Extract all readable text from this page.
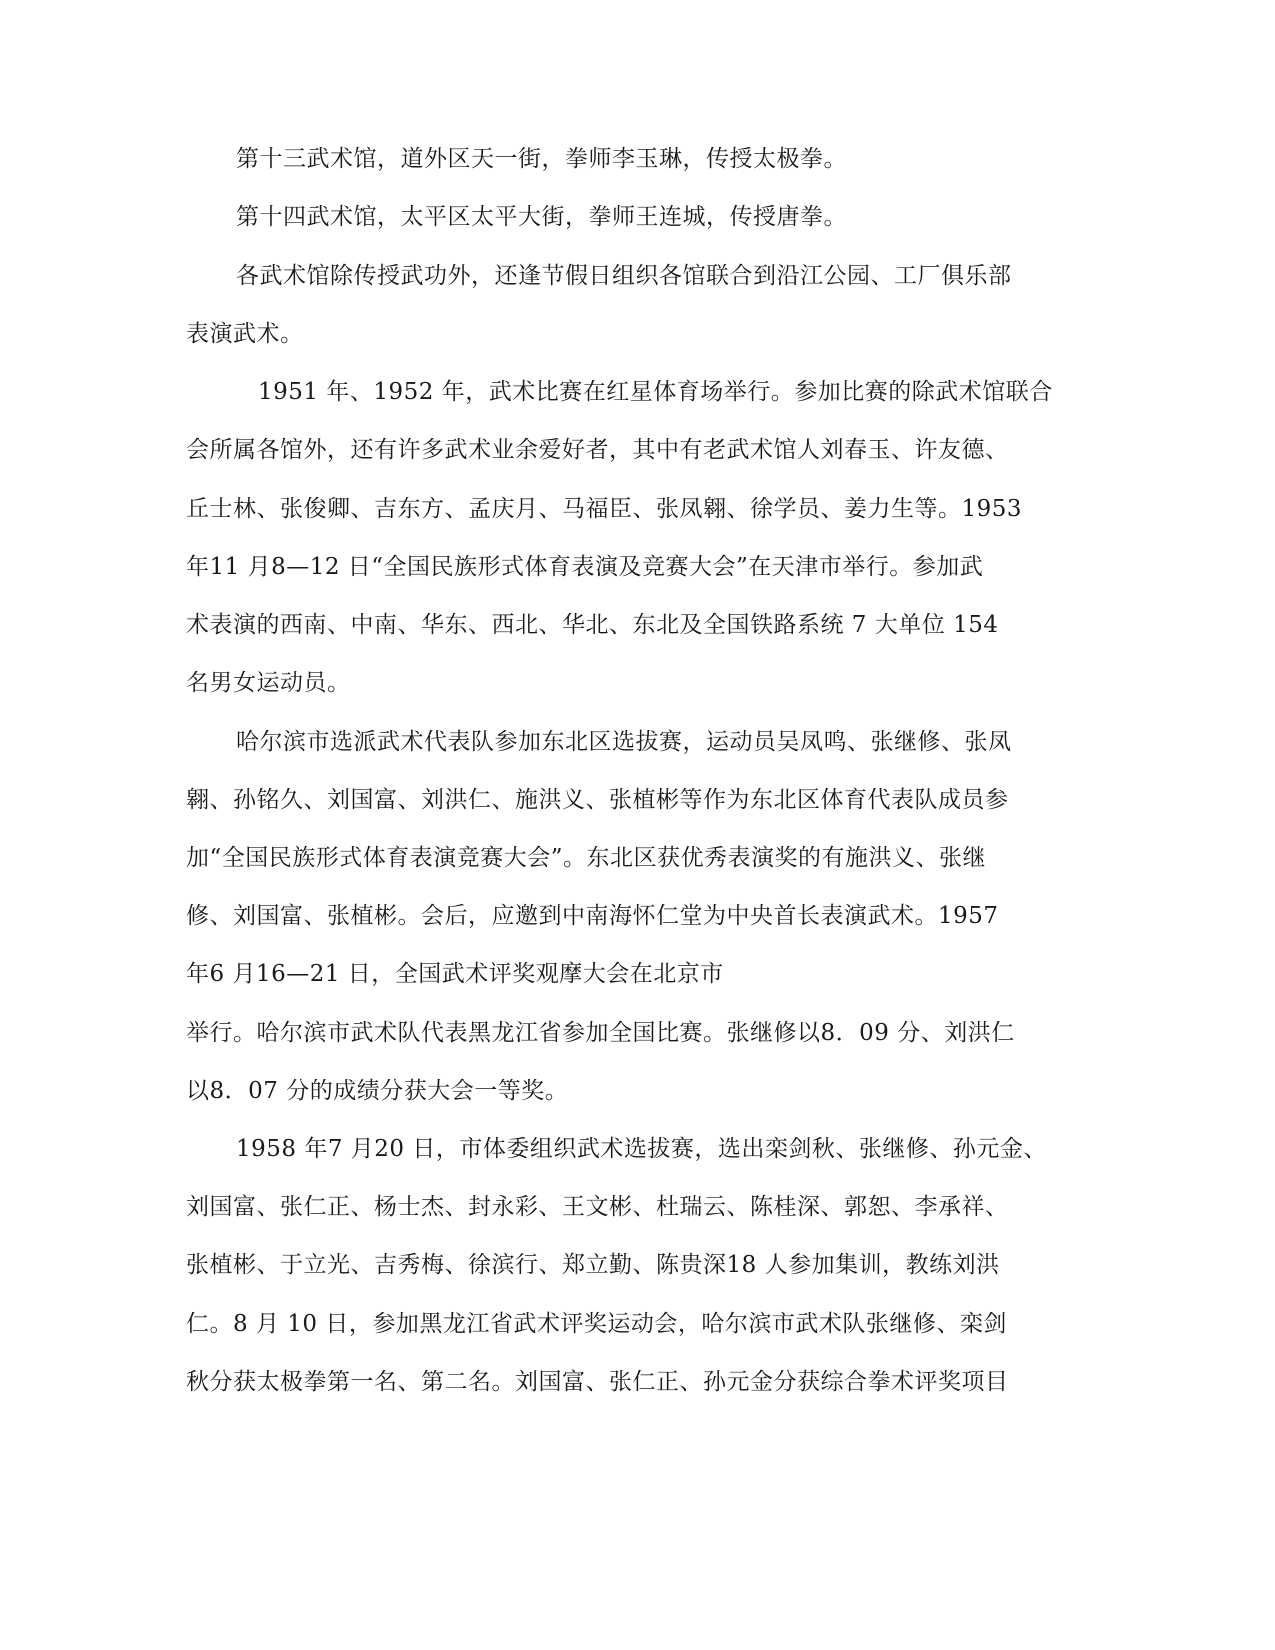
第十三武术馆，道外区天一街，拳师李玉琳，传授太极拳。
第十四武术馆，太平区太平大街，拳师王连城，传授唐拳。
各武术馆除传授武功外，还逢节假日组织各馆联合到沿江公园、工厂俱乐部
表演武术。
1951 年、1952 年，武术比赛在红星体育场举行。参加比赛的除武术馆联合
会所属各馆外，还有许多武术业余爱好者，其中有老武术馆人刘春玉、许友德、
丘士林、张俊卿、吉东方、孟庆月、马福臣、张凤翱、徐学员、姜力生等。1953
年11 月8—12 日“全国民族形式体育表演及竞赛大会”在天津市举行。参加武
术表演的西南、中南、华东、西北、华北、东北及全国铁路系统 7 大单位 154
名男女运动员。
哈尔滨市选派武术代表队参加东北区选拔赛，运动员吴凤鸣、张继修、张凤
翱、孙铭久、刘国富、刘洪仁、施洪义、张植彬等作为东北区体育代表队成员参
加“全国民族形式体育表演竞赛大会”。东北区获优秀表演奖的有施洪义、张继
修、刘国富、张植彬。会后，应邀到中南海怀仁堂为中央首长表演武术。1957
年6 月16—21 日，全国武术评奖观摩大会在北京市
举行。哈尔滨市武术队代表黑龙江省参加全国比赛。张继修以8．09 分、刘洪仁
以8．07 分的成绩分获大会一等奖。
1958 年7 月20 日，市体委组织武术选拔赛，选出栾剑秋、张继修、孙元金、
刘国富、张仁正、杨士杰、封永彩、王文彬、杜瑞云、陈桂深、郭恕、李承祥、
张植彬、于立光、吉秀梅、徐滨行、郑立勤、陈贵深18 人参加集训，教练刘洪
仁。8 月 10 日，参加黑龙江省武术评奖运动会，哈尔滨市武术队张继修、栾剑
秋分获太极拳第一名、第二名。刘国富、张仁正、孙元金分获综合拳术评奖项目
